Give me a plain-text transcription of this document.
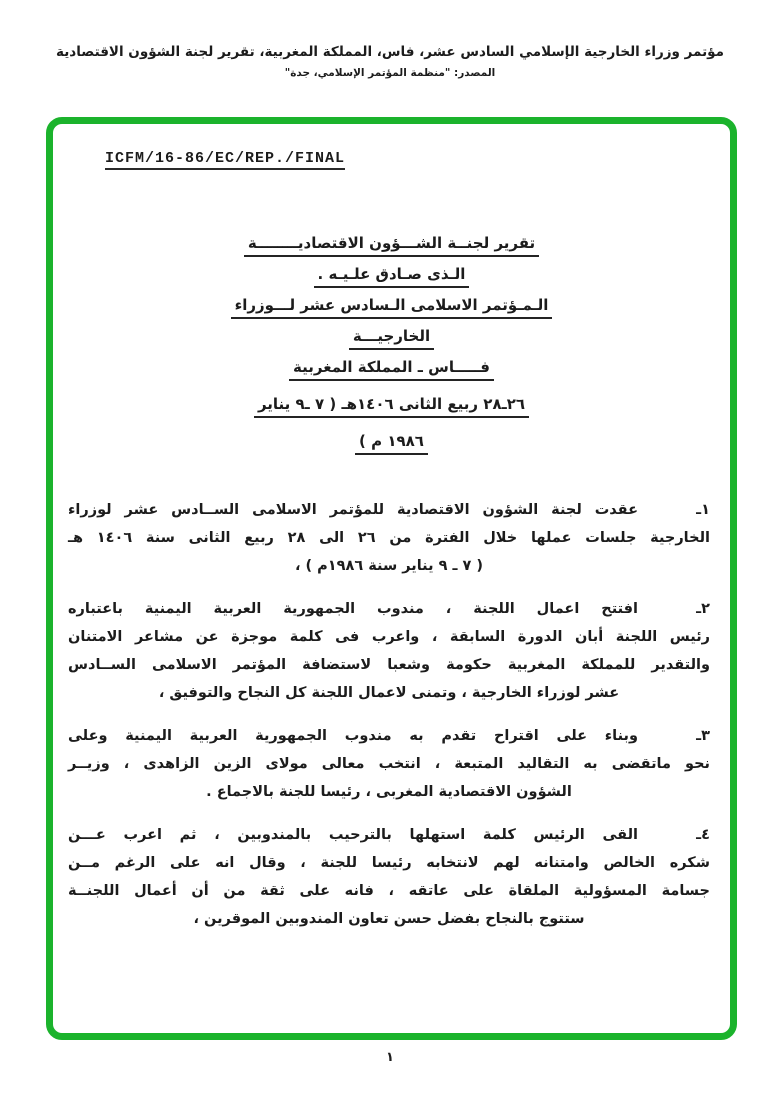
مؤتمر وزراء الخارجية الإسلامي السادس عشر، فاس، المملكة المغربية، تقرير لجنة الشؤون الاقتصادية
المصدر: "منظمة المؤتمر الإسلامي، جدة"
ICFM/16-86/EC/REP./FINAL
تقرير لجنــة الشـــؤون الاقتصاديــــــــة
الـذى صـادق علـيـه .
الـمـؤتمر الاسلامى الـسادس عشر لـــوزراء
الخارجيـــة
فـــــاس ـ المملكة المغربية
٢٦ـ٢٨ ربيع الثانى ١٤٠٦هـ ( ٧ ـ٩ يناير
١٩٨٦ م )
١ـ
عقدت لجنة الشؤون الاقتصادية للمؤتمر الاسلامى الســادس عشر لوزراء
الخارجية جلسات عملها خلال الفترة من ٢٦ الى ٢٨ ربيع الثانى سنة ١٤٠٦ هـ
( ٧ ـ ٩ يناير سنة ١٩٨٦م ) ،
٢ـ
افتتح اعمال اللجنة ، مندوب الجمهورية العربية اليمنية باعتباره
رئيس اللجنة أبان الدورة السابقة ، واعرب فى كلمة موجزة عن مشاعر الامتنان
والتقدير للمملكة المغربية حكومة وشعبا لاستضافة المؤتمر الاسلامى الســادس
عشر لوزراء الخارجية ، وتمنى لاعمال اللجنة كل النجاح والتوفيق ،
٣ـ
وبناء على اقتراح تقدم به مندوب الجمهورية العربية اليمنية وعلى
نحو ماتقضى به التقاليد المتبعة ، انتخب معالى مولاى الزين الزاهدى ، وزيــر
الشؤون الاقتصادية المغربى ، رئيسا للجنة بالاجماع .
٤ـ
القى الرئيس كلمة استهلها بالترحيب بالمندوبين ، ثم اعرب عـــن
شكره الخالص وامتنانه لهم لانتخابه رئيسا للجنة ، وقال انه على الرغم مــن
جسامة المسؤولية الملقاة على عاتقه ، فانه على ثقة من أن أعمال اللجنــة
ستتوج بالنجاح بفضل حسن تعاون المندوبين الموقرين ،
١
